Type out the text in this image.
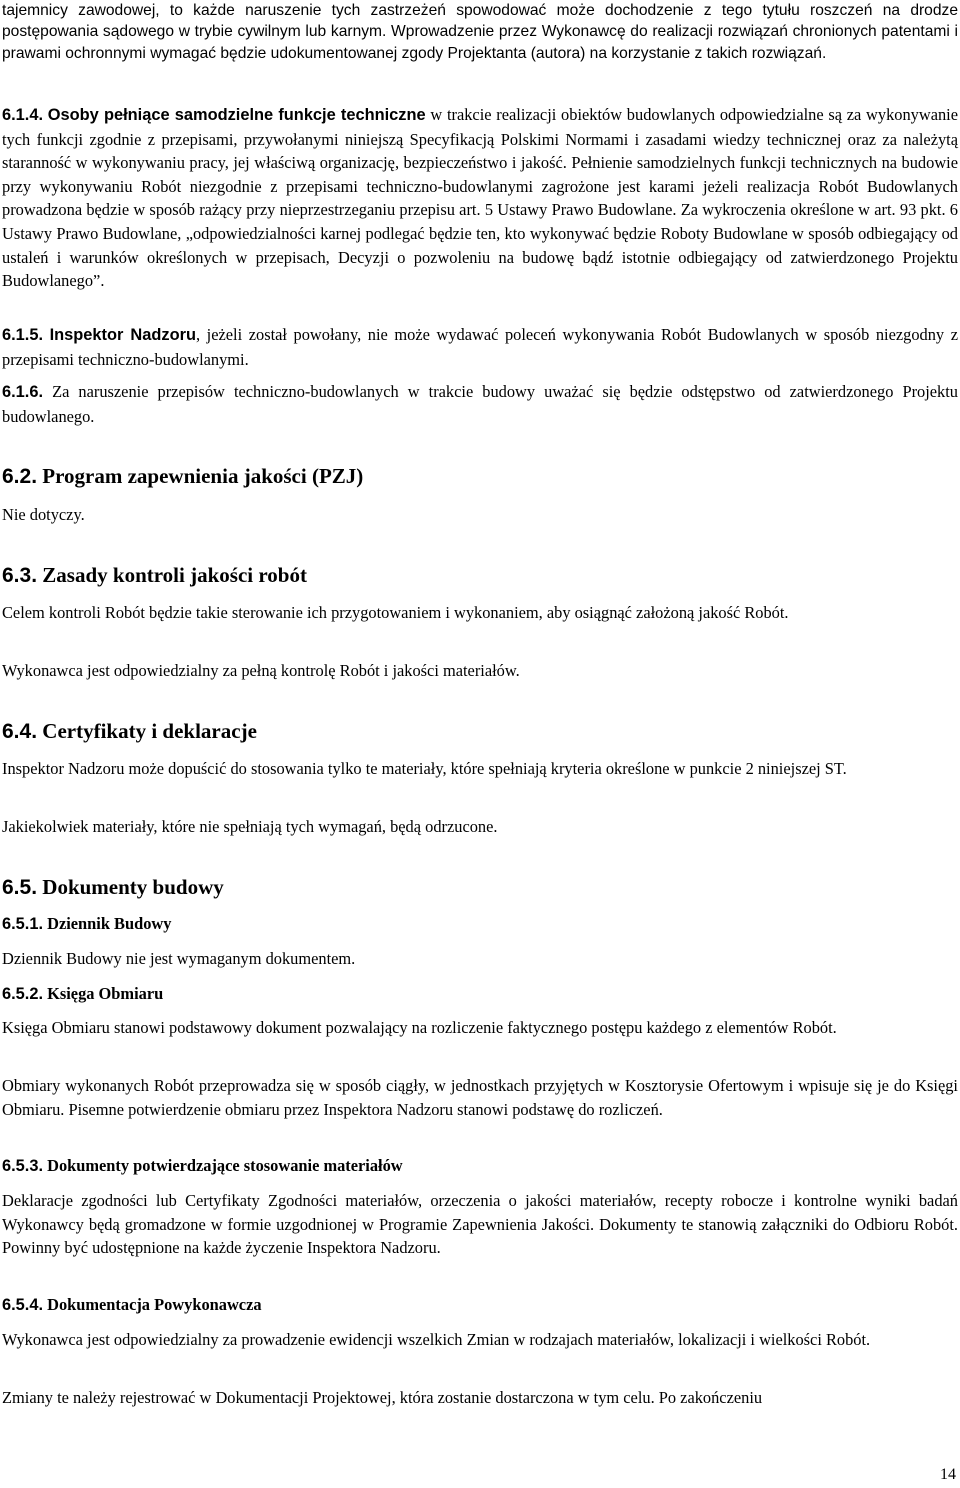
tajemnicy zawodowej, to każde naruszenie tych zastrzeżeń spowodować może dochodzenie z tego tytułu roszczeń na drodze postępowania sądowego w trybie cywilnym lub karnym. Wprowadzenie przez Wykonawcę do realizacji rozwiązań chronionych patentami i prawami ochronnymi wymagać będzie udokumentowanej zgody Projektanta (autora) na korzystanie z takich rozwiązań.

6.1.4. Osoby pełniące samodzielne funkcje techniczne w trakcie realizacji obiektów budowlanych odpowiedzialne są za wykonywanie tych funkcji zgodnie z przepisami, przywołanymi niniejszą Specyfikacją Polskimi Normami i zasadami wiedzy technicznej oraz za należytą staranność w wykonywaniu pracy, jej właściwą organizację, bezpieczeństwo i jakość. Pełnienie samodzielnych funkcji technicznych na budowie przy wykonywaniu Robót niezgodnie z przepisami techniczno-budowlanymi zagrożone jest karami jeżeli realizacja Robót Budowlanych prowadzona będzie w sposób rażący przy nieprzestrzeganiu przepisu art. 5 Ustawy Prawo Budowlane. Za wykroczenia określone w art. 93 pkt. 6 Ustawy Prawo Budowlane, „odpowiedzialności karnej podlegać będzie ten, kto wykonywać będzie Roboty Budowlane w sposób odbiegający od ustaleń i warunków określonych w przepisach, Decyzji o pozwoleniu na budowę bądź istotnie odbiegający od zatwierdzonego Projektu Budowlanego”.

6.1.5. Inspektor Nadzoru, jeżeli został powołany, nie może wydawać poleceń wykonywania Robót Budowlanych w sposób niezgodny z przepisami techniczno-budowlanymi.

6.1.6. Za naruszenie przepisów techniczno-budowlanych w trakcie budowy uważać się będzie odstępstwo od zatwierdzonego Projektu budowlanego.

6.2. Program zapewnienia jakości (PZJ)

Nie dotyczy.

6.3. Zasady kontroli jakości robót

Celem kontroli Robót będzie takie sterowanie ich przygotowaniem i wykonaniem, aby osiągnąć założoną jakość Robót.

Wykonawca jest odpowiedzialny za pełną kontrolę Robót i jakości materiałów.

6.4. Certyfikaty i deklaracje

Inspektor Nadzoru może dopuścić do stosowania tylko te materiały, które spełniają kryteria określone w punkcie 2 niniejszej ST.

Jakiekolwiek materiały, które nie spełniają tych wymagań, będą odrzucone.

6.5. Dokumenty budowy
6.5.1. Dziennik Budowy

Dziennik Budowy nie jest wymaganym dokumentem.

6.5.2. Księga Obmiaru

Księga Obmiaru stanowi podstawowy dokument pozwalający na rozliczenie faktycznego postępu każdego z elementów Robót.

Obmiary wykonanych Robót przeprowadza się w sposób ciągły, w jednostkach przyjętych w Kosztorysie Ofertowym i wpisuje się je do Księgi Obmiaru. Pisemne potwierdzenie obmiaru przez Inspektora Nadzoru stanowi podstawę do rozliczeń.

6.5.3. Dokumenty potwierdzające stosowanie materiałów

Deklaracje zgodności lub Certyfikaty Zgodności materiałów, orzeczenia o jakości materiałów, recepty robocze i kontrolne wyniki badań Wykonawcy będą gromadzone w formie uzgodnionej w Programie Zapewnienia Jakości. Dokumenty te stanowią załączniki do Odbioru Robót. Powinny być udostępnione na każde życzenie Inspektora Nadzoru.

6.5.4. Dokumentacja Powykonawcza

Wykonawca jest odpowiedzialny za prowadzenie ewidencji wszelkich Zmian w rodzajach materiałów, lokalizacji i wielkości Robót.

Zmiany te należy rejestrować w Dokumentacji Projektowej, która zostanie dostarczona w tym celu. Po zakończeniu

14
